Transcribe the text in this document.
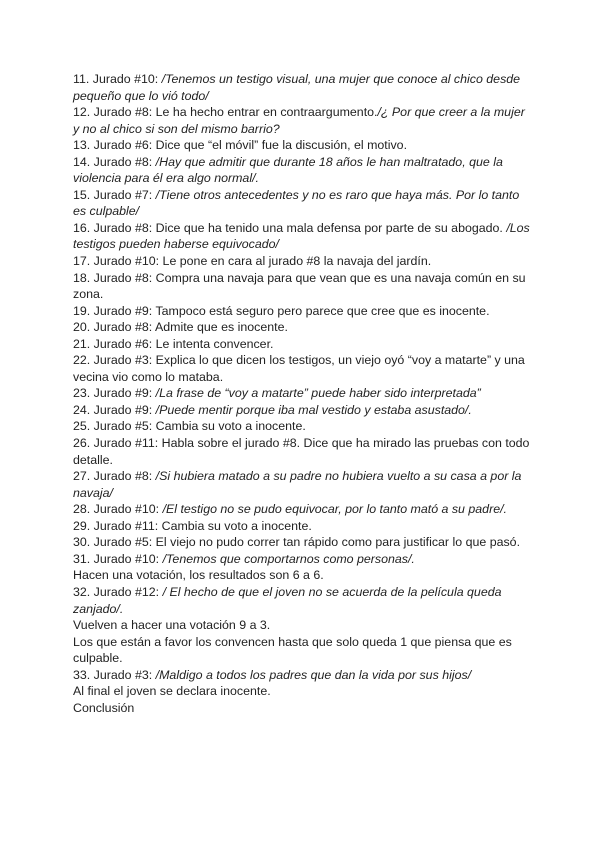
11. Jurado #10: /Tenemos un testigo visual, una mujer que conoce al chico desde pequeño que lo vió todo/

12. Jurado #8: Le ha hecho entrar en contraargumento./¿ Por que creer a la mujer y no al chico si son del mismo barrio?

13. Jurado #6: Dice que “el móvil” fue la discusión, el motivo.

14. Jurado #8: /Hay que admitir que durante 18 años le han maltratado, que la violencia para él era algo normal/.

15. Jurado #7: /Tiene otros antecedentes y no es raro que haya más. Por lo tanto es culpable/

16. Jurado #8: Dice que ha tenido una mala defensa por parte de su abogado. /Los testigos pueden haberse equivocado/

17. Jurado #10: Le pone en cara al jurado #8 la navaja del jardín.

18. Jurado #8: Compra una navaja para que vean que es una navaja común en su zona.

19. Jurado #9: Tampoco está seguro pero parece que cree que es inocente.

20. Jurado #8: Admite que es inocente.

21. Jurado #6: Le intenta convencer.

22. Jurado #3: Explica lo que dicen los testigos, un viejo oyó “voy a matarte” y una vecina vio como lo mataba.

23. Jurado #9: /La frase de “voy a matarte” puede haber sido interpretada”

24. Jurado #9: /Puede mentir porque iba mal vestido y estaba asustado/.

25. Jurado #5: Cambia su voto a inocente.

26. Jurado #11: Habla sobre el jurado #8. Dice que ha mirado las pruebas con todo detalle.

27. Jurado #8: /Si hubiera matado a su padre no hubiera vuelto a su casa a por la navaja/

28. Jurado #10: /El testigo no se pudo equivocar, por lo tanto mató a su padre/.

29. Jurado #11: Cambia su voto a inocente.

30. Jurado #5: El viejo no pudo correr tan rápido como para justificar lo que pasó.

31. Jurado #10: /Tenemos que comportarnos como personas/.

Hacen una votación, los resultados son 6 a 6.

32. Jurado #12: / El hecho de que el joven no se acuerda de la película queda zanjado/.

Vuelven a hacer una votación 9 a 3.

Los que están a favor los convencen hasta que solo queda 1 que piensa que es culpable.

33. Jurado #3: /Maldigo a todos los padres que dan la vida por sus hijos/

Al final el joven se declara inocente.

Conclusión
